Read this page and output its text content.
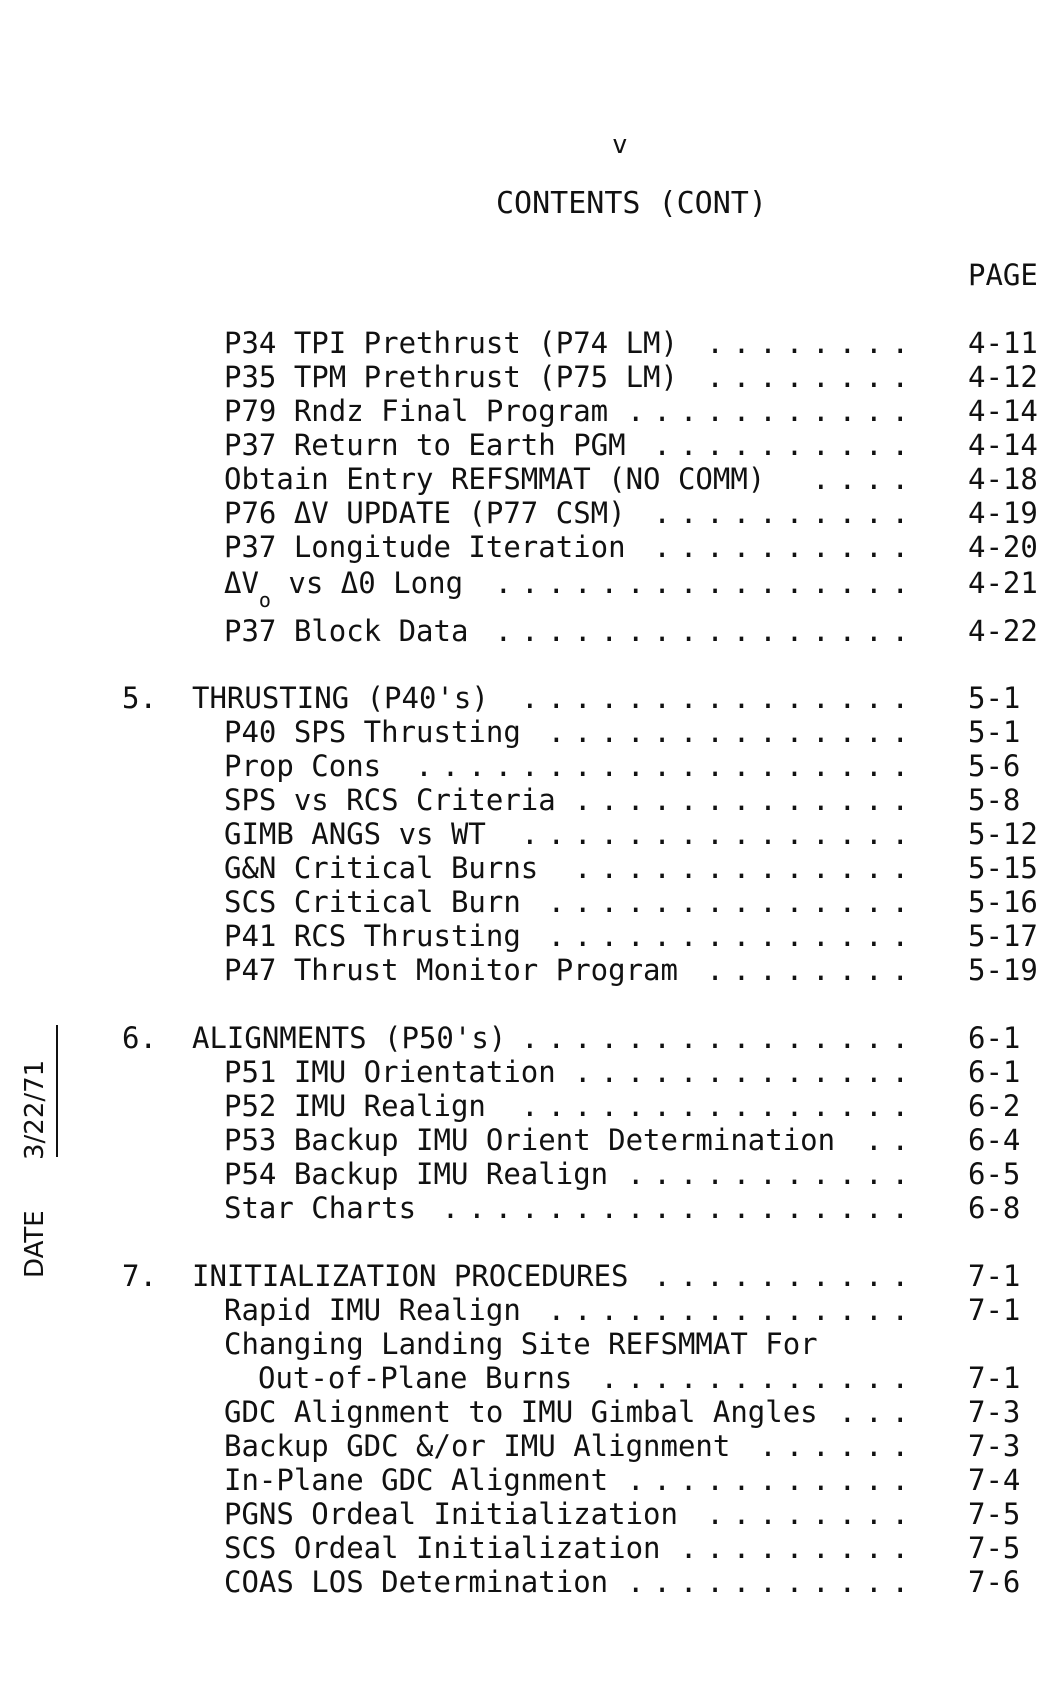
v
CONTENTS (CONT)
PAGE
P34 TPI Prethrust (P74 LM) ........ 4-11
P35 TPM Prethrust (P75 LM) ........ 4-12
P79 Rndz Final Program ........... 4-14
P37 Return to Earth PGM .......... 4-14
Obtain Entry REFSMMAT (NO COMM)	.... 4-18
P76 ΔV UPDATE (P77 CSM) .......... 4-19
P37 Longitude Iteration .......... 4-20
$\Delta V_o$ vs Δ0 Long	................ 4-21
P37 Block Data ................ 4-22
5. THRUSTING (P40's)	............... 5-1
P40 SPS Thrusting .............. 5-1
Prop Cons	................... 5-6
SPS vs RCS Criteria ............. 5-8
GIMB ANGS vs WT	............... 5-12
G&N Critical Burns	............. 5-15
SCS Critical Burn .............. 5-16
P41 RCS Thrusting .............. 5-17
P47 Thrust Monitor Program ........ 5-19
6. ALIGNMENTS (P50's) ............... 6-1
P51 IMU Orientation ............. 6-1
P52 IMU Realign	............... 6-2
P53 Backup IMU Orient Determination	.. 6-4
P54 Backup IMU Realign ........... 6-5
Star Charts .................. 6-8
7. INITIALIZATION PROCEDURES .......... 7-1
Rapid IMU Realign .............. 7-1
Changing Landing Site REFSMMAT For
Out-of-Plane Burns ............ 7-1
GDC Alignment to IMU Gimbal Angles ... 7-3
Backup GDC &/or IMU Alignment ...... 7-3
In-Plane GDC Alignment ........... 7-4
PGNS Ordeal Initialization ........ 7-5
SCS Ordeal Initialization ......... 7-5
COAS LOS Determination ........... 7-6
DATE
3/22/71
